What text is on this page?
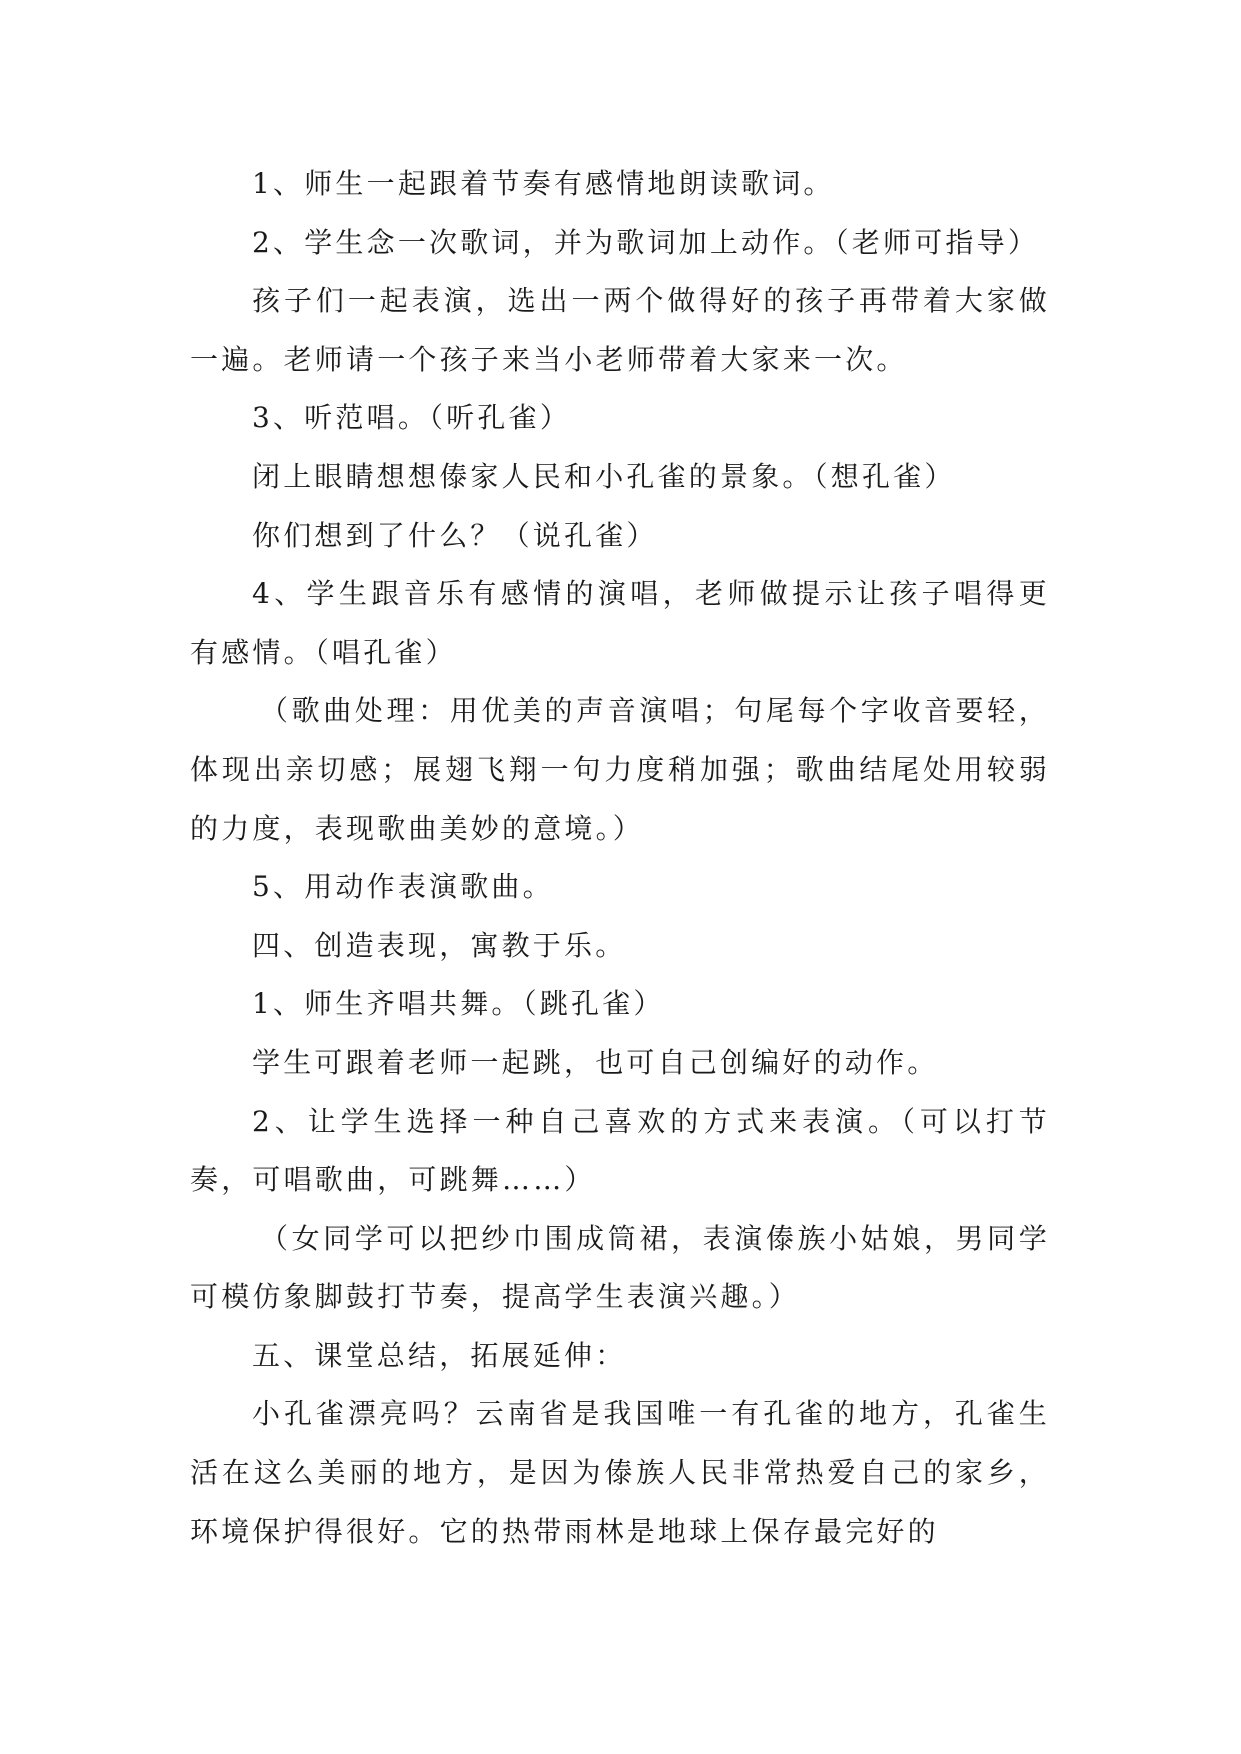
1、师生一起跟着节奏有感情地朗读歌词。

2、学生念一次歌词，并为歌词加上动作。（老师可指导）

孩子们一起表演，选出一两个做得好的孩子再带着大家做一遍。老师请一个孩子来当小老师带着大家来一次。

3、听范唱。（听孔雀）

闭上眼睛想想傣家人民和小孔雀的景象。（想孔雀）

你们想到了什么？（说孔雀）

4、学生跟音乐有感情的演唱，老师做提示让孩子唱得更有感情。（唱孔雀）

（歌曲处理：用优美的声音演唱；句尾每个字收音要轻，体现出亲切感；展翅飞翔一句力度稍加强；歌曲结尾处用较弱的力度，表现歌曲美妙的意境。）

5、用动作表演歌曲。

四、创造表现，寓教于乐。

1、师生齐唱共舞。（跳孔雀）

学生可跟着老师一起跳，也可自己创编好的动作。

2、让学生选择一种自己喜欢的方式来表演。（可以打节奏，可唱歌曲，可跳舞……）

（女同学可以把纱巾围成筒裙，表演傣族小姑娘，男同学可模仿象脚鼓打节奏，提高学生表演兴趣。）

五、课堂总结，拓展延伸：

小孔雀漂亮吗？云南省是我国唯一有孔雀的地方，孔雀生活在这么美丽的地方，是因为傣族人民非常热爱自己的家乡，环境保护得很好。它的热带雨林是地球上保存最完好的
